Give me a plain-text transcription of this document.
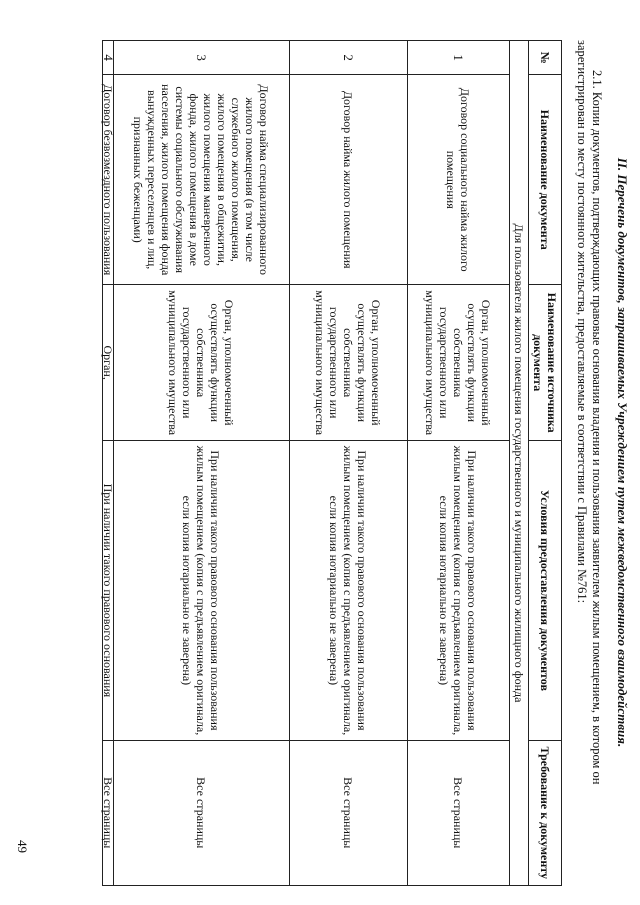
II. Перечень документов, запрашиваемых Учреждением путем межведомственного взаимодействия.
2.1. Копии документов, подтверждающих правовые основания владения и пользования заявителем жилым помещением, в котором он зарегистрирован по месту постоянного жительства, предоставляемые в соответствии с Правилами №761:
№	Наименование документа	Наименование источника документа	Условия предоставления документов	Требование к документу
Для пользователя жилого помещения государственного и муниципального жилищного фонда				
1	Договор социального найма жилого помещения	Орган, уполномоченный осуществлять функции собственника государственного или муниципального имущества	При наличии такого правового основания пользования жилым помещением (копия с предъявлением оригинала, если копия нотариально не заверена)	Все страницы
2	Договор найма жилого помещения	Орган, уполномоченный осуществлять функции собственника государственного или муниципального имущества	При наличии такого правового основания пользования жилым помещением (копия с предъявлением оригинала, если копия нотариально не заверена)	Все страницы
3	Договор найма специализированного жилого помещения (в том числе служебного жилого помещения, жилого помещения в общежитии, жилого помещения маневренного фонда, жилого помещения в доме системы социального обслуживания населения, жилого помещения фонда вынужденных переселенцев и лиц, признанных беженцами)	Орган, уполномоченный осуществлять функции собственника государственного или муниципального имущества	При наличии такого правового основания пользования жилым помещением (копия с предъявлением оригинала, если копия нотариально не заверена)	Все страницы
4	Договор безвозмездного пользования	Орган,	При наличии такого правового основания	Все страницы
49
